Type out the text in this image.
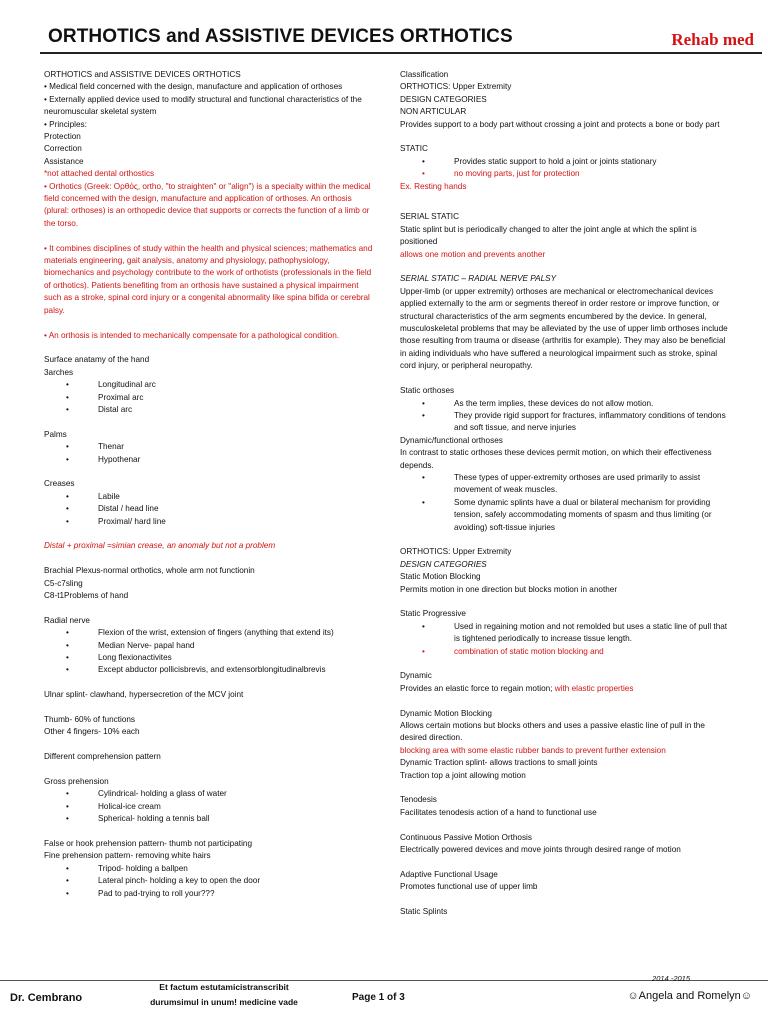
ORTHOTICS and ASSISTIVE DEVICES ORTHOTICS	Rehab med

ORTHOTICS and ASSISTIVE DEVICES ORTHOTICS

• Medical field concerned with the design, manufacture and application of orthoses

• Externally applied device used to modify structural and functional characteristics of the neuromuscular skeletal system

• Principles:

Protection

Correction

Assistance

*not attached dental orthostics

• Orthotics (Greek: Ορθός, ortho, "to straighten" or "align") is a specialty within the medical field concerned with the design, manufacture and application of orthoses. An orthosis (plural: orthoses) is an orthopedic device that supports or corrects the function of a limb or the torso.

• It combines disciplines of study within the health and physical sciences; mathematics and materials engineering, gait analysis, anatomy and physiology, pathophysiology, biomechanics and psychology contribute to the work of orthotists (professionals in the field of orthotics). Patients benefiting from an orthosis have sustained a physical impairment such as a stroke, spinal cord injury or a congenital abnormality like spina bifida or cerebral palsy.

• An orthosis is intended to mechanically compensate for a pathological condition.

Surface anatamy of the hand

3arches

• Longitudinal arc
• Proximal arc
• Distal arc

Palms

• Thenar
• Hypothenar

Creases

• Labile
• Distal / head line
• Proximal/ hard line

Distal + proximal =simian crease, an anomaly but not a problem

Brachial Plexus-normal orthotics, whole arm not functionin

C5-c7sling

C8-t1Problems of hand

Radial nerve

• Flexion of the wrist, extension of fingers (anything that extend its)
• Median Nerve- papal hand
• Long flexionactivites
• Except abductor pollicisbrevis, and extensorblongitudinalbrevis

Ulnar splint- clawhand, hypersecretion of the MCV joint

Thumb- 60% of functions

Other 4 fingers- 10% each

Different comprehension pattern

Gross prehension

• Cylindrical- holding a glass of water
• Holical-ice cream
• Spherical- holding a tennis ball

False or hook prehension pattern- thumb not participating

Fine prehension pattern- removing white hairs

• Tripod- holding a ballpen
• Lateral pinch- holding a key to open the door
• Pad to pad-trying to roll your???

Classification

ORTHOTICS: Upper Extremity

DESIGN CATEGORIES

NON ARTICULAR

Provides support to a body part without crossing a joint and protects a bone or body part

STATIC

• Provides static support to hold a joint or joints stationary
• no moving parts, just for protection

Ex. Resting hands

SERIAL STATIC

Static splint but is periodically changed to alter the joint angle at which the splint is positioned

allows one motion and prevents another

SERIAL STATIC – RADIAL NERVE PALSY

Upper-limb (or upper extremity) orthoses are mechanical or electromechanical devices applied externally to the arm or segments thereof in order restore or improve function, or structural characteristics of the arm segments encumbered by the device. In general, musculoskeletal problems that may be alleviated by the use of upper limb orthoses include those resulting from trauma or disease (arthritis for example). They may also be beneficial in aiding individuals who have suffered a neurological impairment such as stroke, spinal cord injury, or peripheral neuropathy.

Static orthoses

• As the term implies, these devices do not allow motion.
• They provide rigid support for fractures, inflammatory conditions of tendons and soft tissue, and nerve injuries

Dynamic/functional orthoses

In contrast to static orthoses these devices permit motion, on which their effectiveness depends.

• These types of upper-extremity orthoses are used primarily to assist movement of weak muscles.
• Some dynamic splints have a dual or bilateral mechanism for providing tension, safely accommodating moments of spasm and thus limiting (or avoiding) soft-tissue injuries

ORTHOTICS: Upper Extremity

DESIGN CATEGORIES

Static Motion Blocking

Permits motion in one direction but blocks motion in another

Static Progressive

• Used in regaining motion and not remolded but uses a static line of pull that is tightened periodically to increase tissue length.
• combination of static motion blocking and

Dynamic

Provides an elastic force to regain motion; with elastic properties

Dynamic Motion Blocking

Allows certain motions but blocks others and uses a passive elastic line of pull in the desired direction.

blocking area with some elastic rubber bands to prevent further extension

Dynamic Traction splint- allows tractions to small joints

Traction top a joint allowing motion

Tenodesis

Facilitates tenodesis action of a hand to functional use

Continuous Passive Motion Orthosis

Electrically powered devices and move joints through desired range of motion

Adaptive Functional Usage

Promotes functional use of upper limb

Static Splints

Dr. Cembrano
Et factum estutamicistranscribit
durumsimul in unum! medicine vade	Page 1 of 3
2014 -2015
☺Angela and Romelyn☺
